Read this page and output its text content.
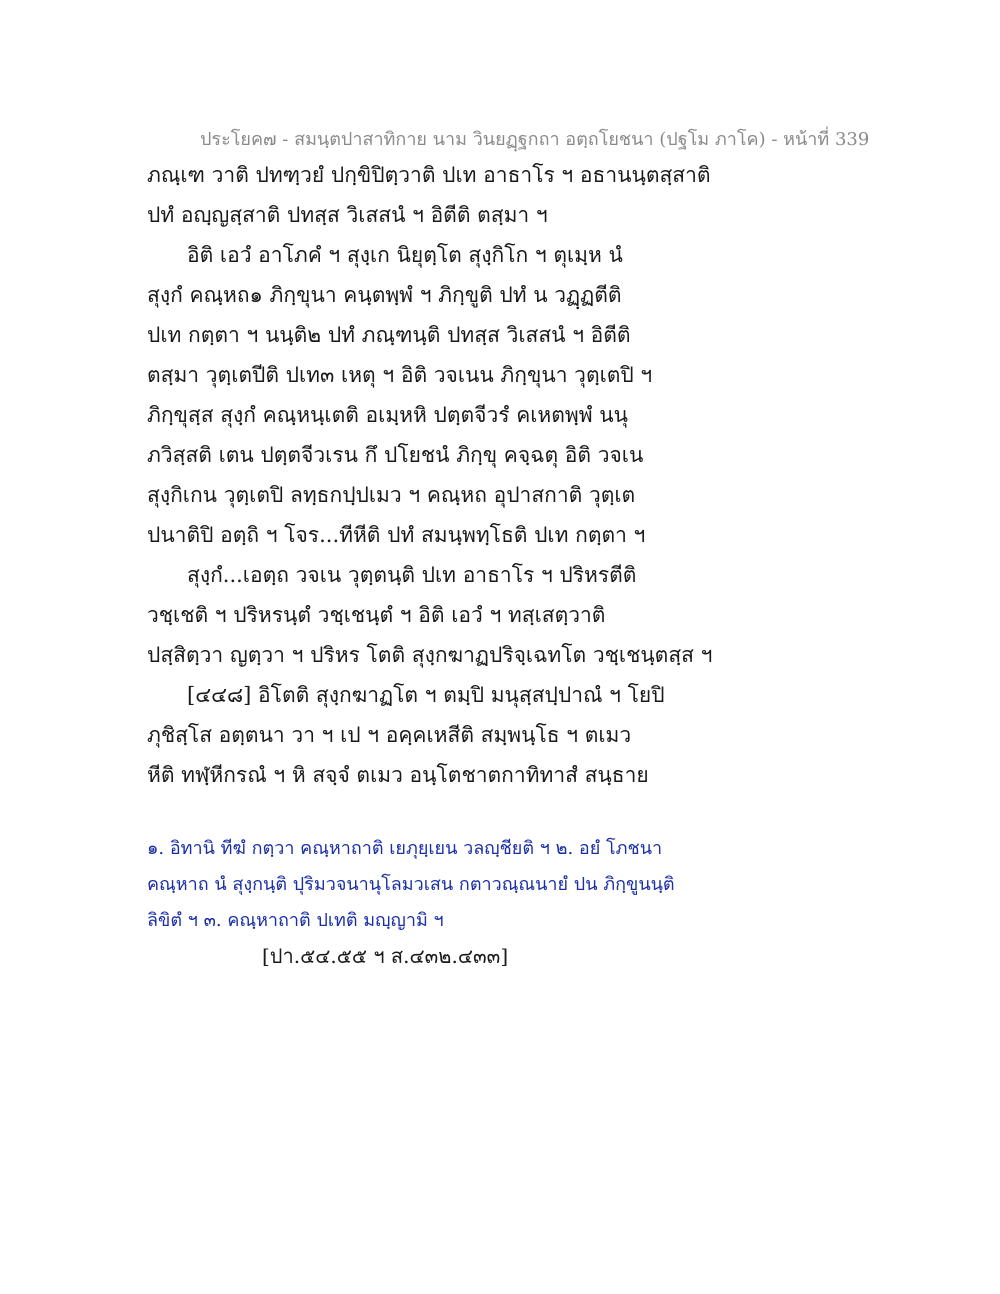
ประโยค๗ - สมนฺตปาสาทิกาย นาม วินยฏฺฐกถา อตฺถโยชนา (ปฐโม ภาโค) - หน้าที่ 339
ภณฺเฑ วาติ ปทฑฺวยํ ปกฺขิปิตฺวาติ ปเท อาธาโร ฯ อธานนฺตสฺสาติ
ปทํ อญฺญสฺสาติ ปทสฺส วิเสสนํ ฯ อิตีติ ตสฺมา ฯ
อิติ เอวํ อาโภคํ ฯ สุงฺเก นิยุตฺโต สุงฺกิโก ฯ ตุเมฺห นํ
สุงฺกํ คณฺหถ๑ ภิกฺขุนา คนฺตพฺพํ ฯ ภิกฺขูติ ปทํ น วฏฺฏตีติ
ปเท กตฺตา ฯ นนฺติ๒ ปทํ ภณฺฑนฺติ ปทสฺส วิเสสนํ ฯ อิตีติ
ตสฺมา วุตฺเตปีติ ปเท๓ เหตุ ฯ อิติ วจเนน ภิกฺขุนา วุตฺเตปิ ฯ
ภิกฺขุสฺส สุงฺกํ คณฺหนฺเตติ อเมฺหหิ ปตฺตจีวรํ คเหตพฺพํ นนุ
ภวิสฺสติ เตน ปตฺตจีวเรน กึ ปโยชนํ ภิกฺขุ คจฺฉตุ อิติ วจเน
สุงฺกิเกน วุตฺเตปิ ลทฺธกปฺปเมว ฯ คณฺหถ อุปาสกาติ วุตฺเต
ปนาติปิ อตฺถิ ฯ โจร...ทีหีติ ปทํ สมนฺพทฺโธติ ปเท กตฺตา ฯ
สุงฺกํ...เอตฺถ วจเน วุตฺตนฺติ ปเท อาธาโร ฯ ปริหรตีติ
วชฺเชติ ฯ ปริหรนฺตํ วชฺเชนฺตํ ฯ อิติ เอวํ ฯ ทสฺเสตฺวาติ
ปสฺสิตฺวา ญตฺวา ฯ ปริหร โตติ สุงฺกฆาฏปริจฺเฉทโต วชฺเชนฺตสฺส ฯ
[๔๔๘] อิโตติ สุงฺกฆาฏโต ฯ ตมฺปิ มนุสฺสปฺปาณํ ฯ โยปิ
ภุชิสฺโส อตฺตนา วา ฯ เป ฯ อคฺคเหสีติ สมฺพนฺโธ ฯ ตเมว
หีติ ทฬฺหีกรณํ ฯ หิ สจฺจํ ตเมว อนฺโตชาตกาทิทาสํ สนฺธาย
๑. อิทานิ ทีฆํ กตฺวา คณฺหาถาติ เยภุยฺเยน วลญฺชียติ ฯ ๒. อยํ โภชนา
คณฺหาถ นํ สุงฺกนฺติ ปุริมวจนานุโลมวเสน กตาวณฺณนายํ ปน ภิกฺขูนนฺติ
ลิขิตํ ฯ ๓. คณฺหาถาติ ปเทติ มญฺญามิ ฯ
[ปา.๕๔.๕๕ ฯ ส.๔๓๒.๔๓๓]
